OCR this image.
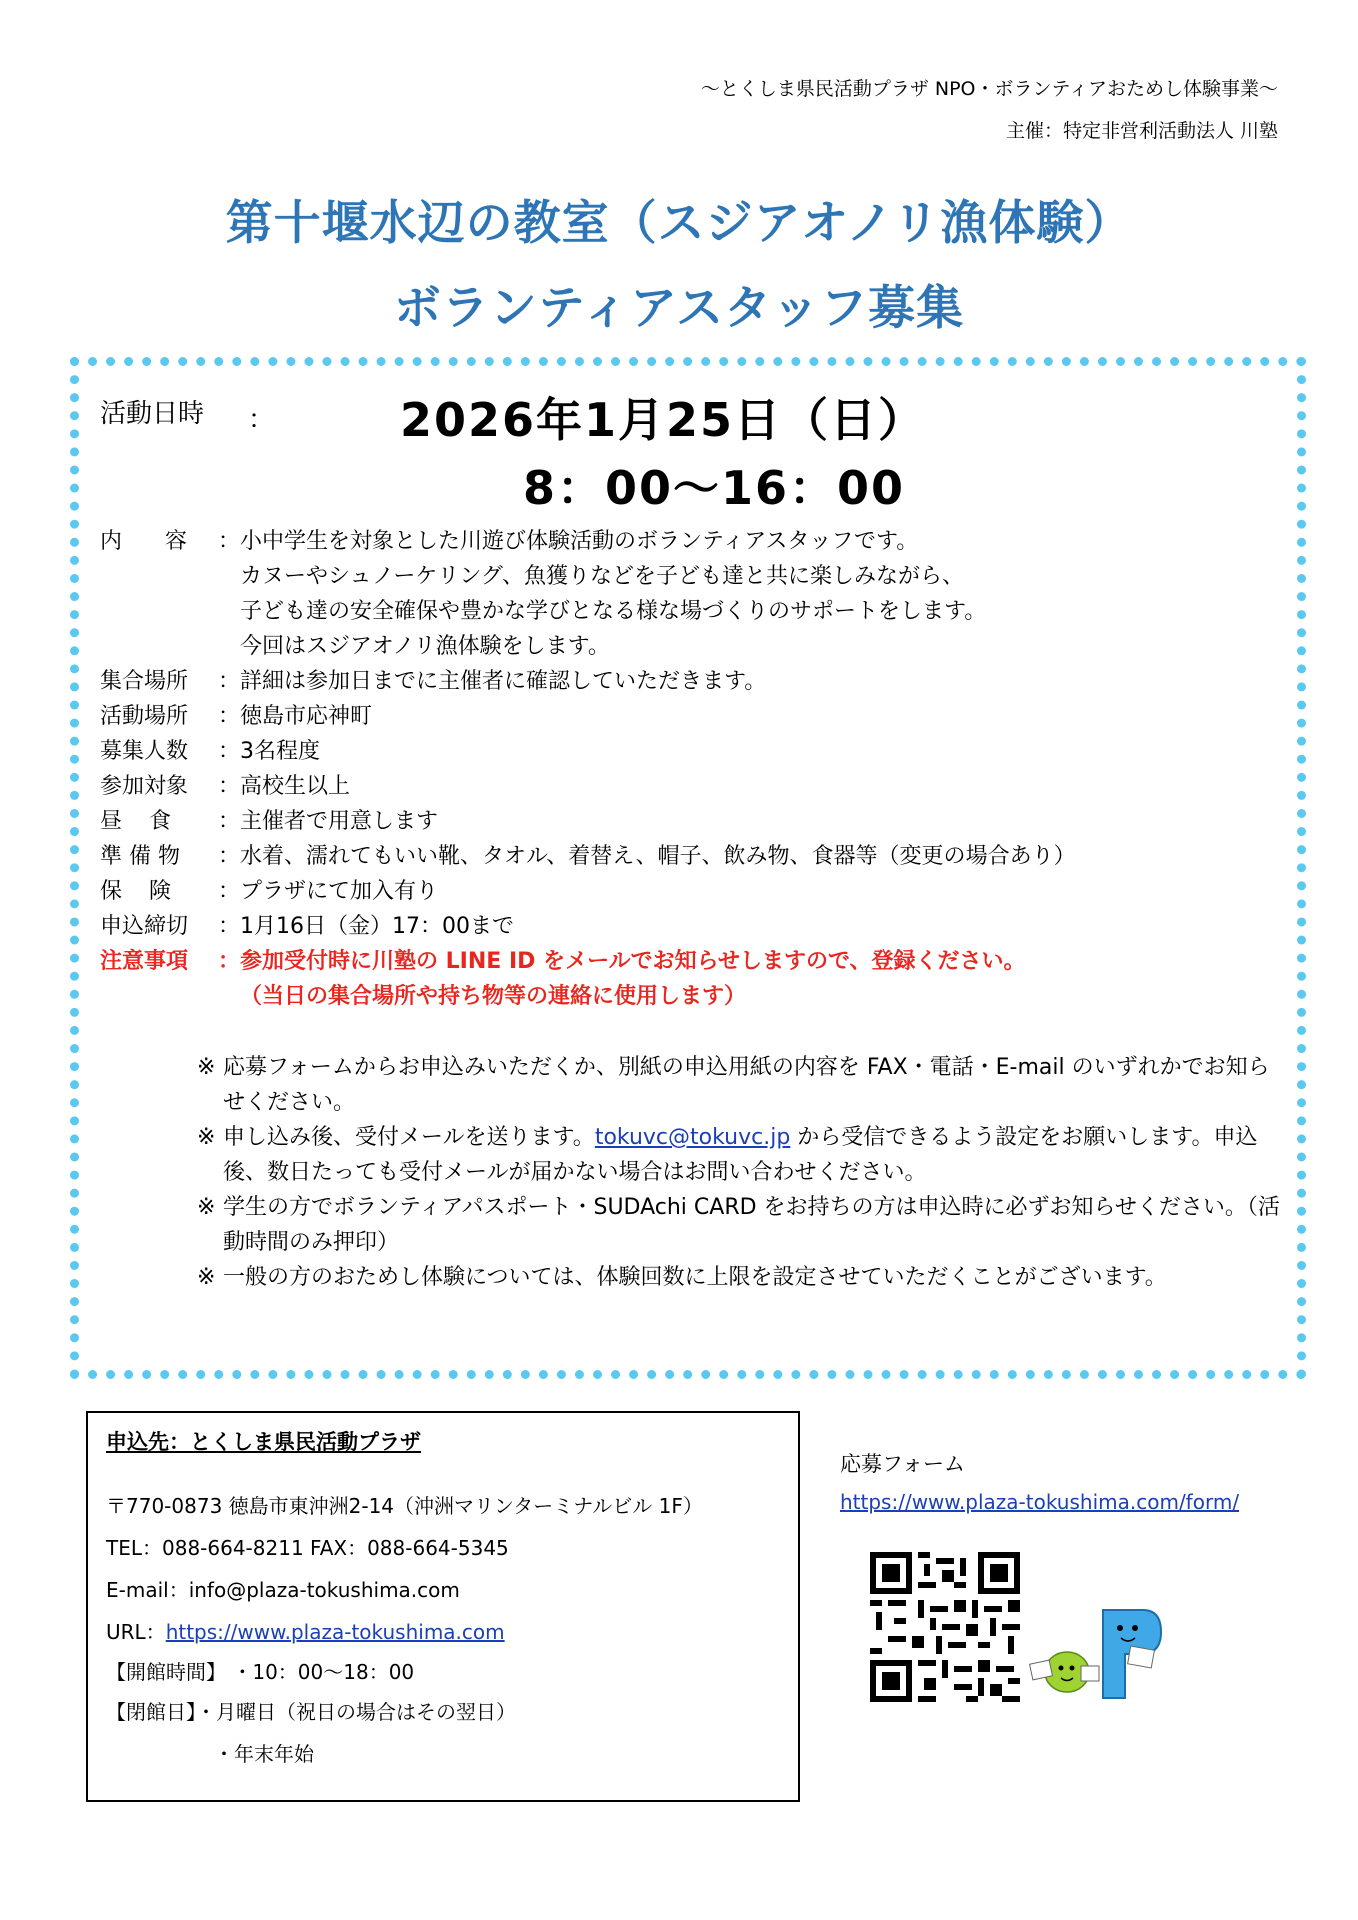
〜とくしま県民活動プラザ NPO・ボランティアおためし体験事業〜
主催：特定非営利活動法人 川塾
第十堰水辺の教室（スジアオノリ漁体験）
ボランティアスタッフ募集
活動日時 ：	2026年1月25日（日）
8：00〜16：00
内 容 ：小中学生を対象とした川遊び体験活動のボランティアスタッフです。
カヌーやシュノーケリング、魚獲りなどを子ども達と共に楽しみながら、
子ども達の安全確保や豊かな学びとなる様な場づくりのサポートをします。
今回はスジアオノリ漁体験をします。
集合場所 ：詳細は参加日までに主催者に確認していただきます。
活動場所 ：徳島市応神町
募集人数 ：3名程度
参加対象 ：高校生以上
昼 食 ：主催者で用意します
準 備 物 ：水着、濡れてもいい靴、タオル、着替え、帽子、飲み物、食器等（変更の場合あり）
保 険 ：プラザにて加入有り
申込締切 ：1月16日（金）17：00まで
注意事項 ：参加受付時に川塾の LINE ID をメールでお知らせしますので、登録ください。
（当日の集合場所や持ち物等の連絡に使用します）
※ 応募フォームからお申込みいただくか、別紙の申込用紙の内容を FAX・電話・E-mail のいずれかでお知らせください。
※ 申し込み後、受付メールを送ります。tokuvc@tokuvc.jp から受信できるよう設定をお願いします。申込後、数日たっても受付メールが届かない場合はお問い合わせください。
※ 学生の方でボランティアパスポート・SUDAchi CARD をお持ちの方は申込時に必ずお知らせください。（活動時間のみ押印）
※ 一般の方のおためし体験については、体験回数に上限を設定させていただくことがございます。
申込先：とくしま県民活動プラザ
〒770-0873 徳島市東沖洲2-14（沖洲マリンターミナルビル 1F）
TEL：088-664-8211 FAX：088-664-5345
E-mail：info@plaza-tokushima.com
URL：https://www.plaza-tokushima.com
【開館時間】 ・10：00〜18：00
【閉館日】・月曜日（祝日の場合はその翌日）
・年末年始
応募フォーム
https://www.plaza-tokushima.com/form/
